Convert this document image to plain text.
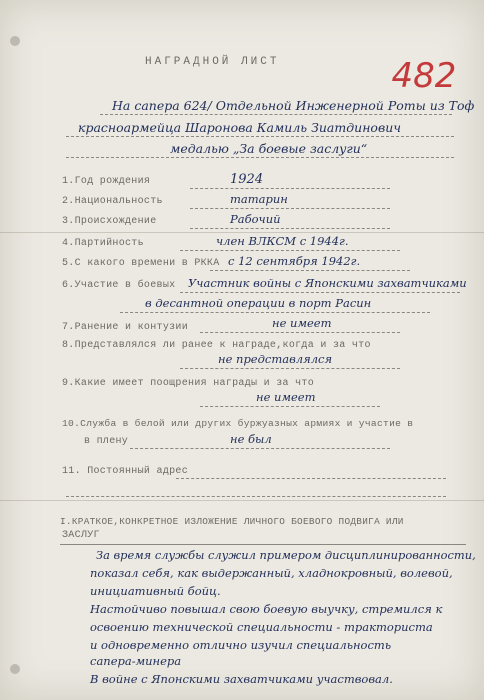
НАГРАДНОЙ ЛИСТ	482
На сапера 624/ Отдельной Инженерной Роты из Тоф
красноармейца Шаронова Камиль Зиатдинович
медалью „За боевые заслуги“
1.Год рождения	1924
2.Национальность	татарин
3.Происхождение	Рабочий
4.Партийность	член ВЛКСМ с 1944г.
5.С какого времени в РККА с 12 сентября 1942г.
6.Участие в боевых Участник войны с Японскими захватчиками
в десантной операции в порт Расин
7.Ранение и контузии	не имеет
8.Представлялся ли ранее к награде,когда и за что
не представлялся
9.Какие имеет поощрения награды и за что
не имеет
10.Служба в белой или других буржуазных армиях и участие в
в плену	не был
11. Постоянный адрес
I.КРАТКОЕ,КОНКРЕТНОЕ ИЗЛОЖЕНИЕ ЛИЧНОГО БОЕВОГО ПОДВИГА ИЛИ
ЗАСЛУГ
За время службы служил примером дисциплинированности,
показал себя, как выдержанный, хладнокровный, волевой,
инициативный бойц.
Настойчиво повышал свою боевую выучку, стремился к
освоению технической специальности - тракториста
и одновременно отлично изучил специальность
сапера-минера
В войне с Японскими захватчиками участвовал.
